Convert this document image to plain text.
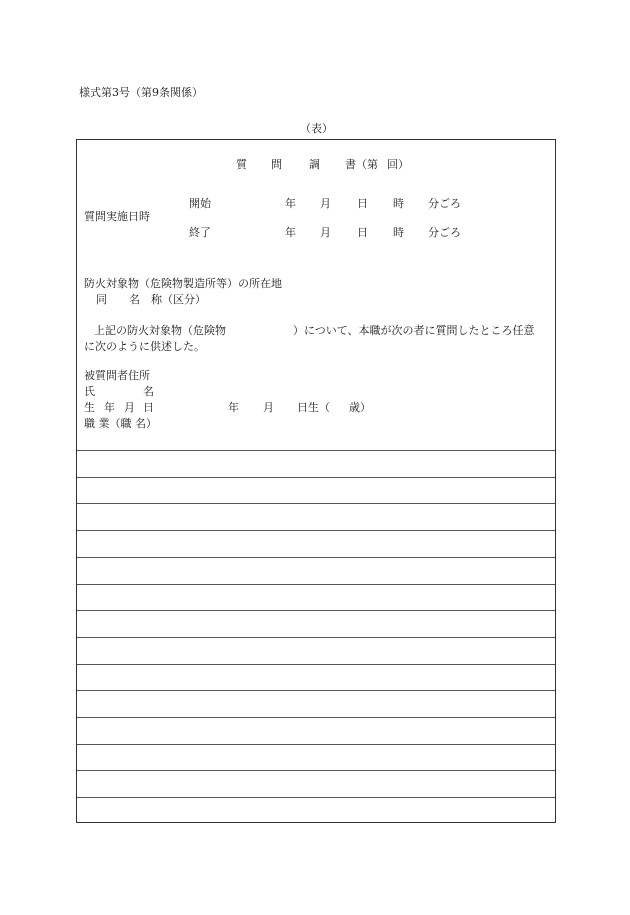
様式第3号（第9条関係）
（表）
質 問 調 書（第 回）
開始	年 月 日 時 分ごろ
質問実施日時
終了	年 月 日 時 分ごろ
防火対象物（危険物製造所等）の所在地
同　　名　称（区分）
上記の防火対象物（危険物	）について、本職が次の者に質問したところ任意
に次のように供述した。
被質問者住所
氏	名
生 年 月 日	年 月 日生（ 歳）
職 業（職 名）
